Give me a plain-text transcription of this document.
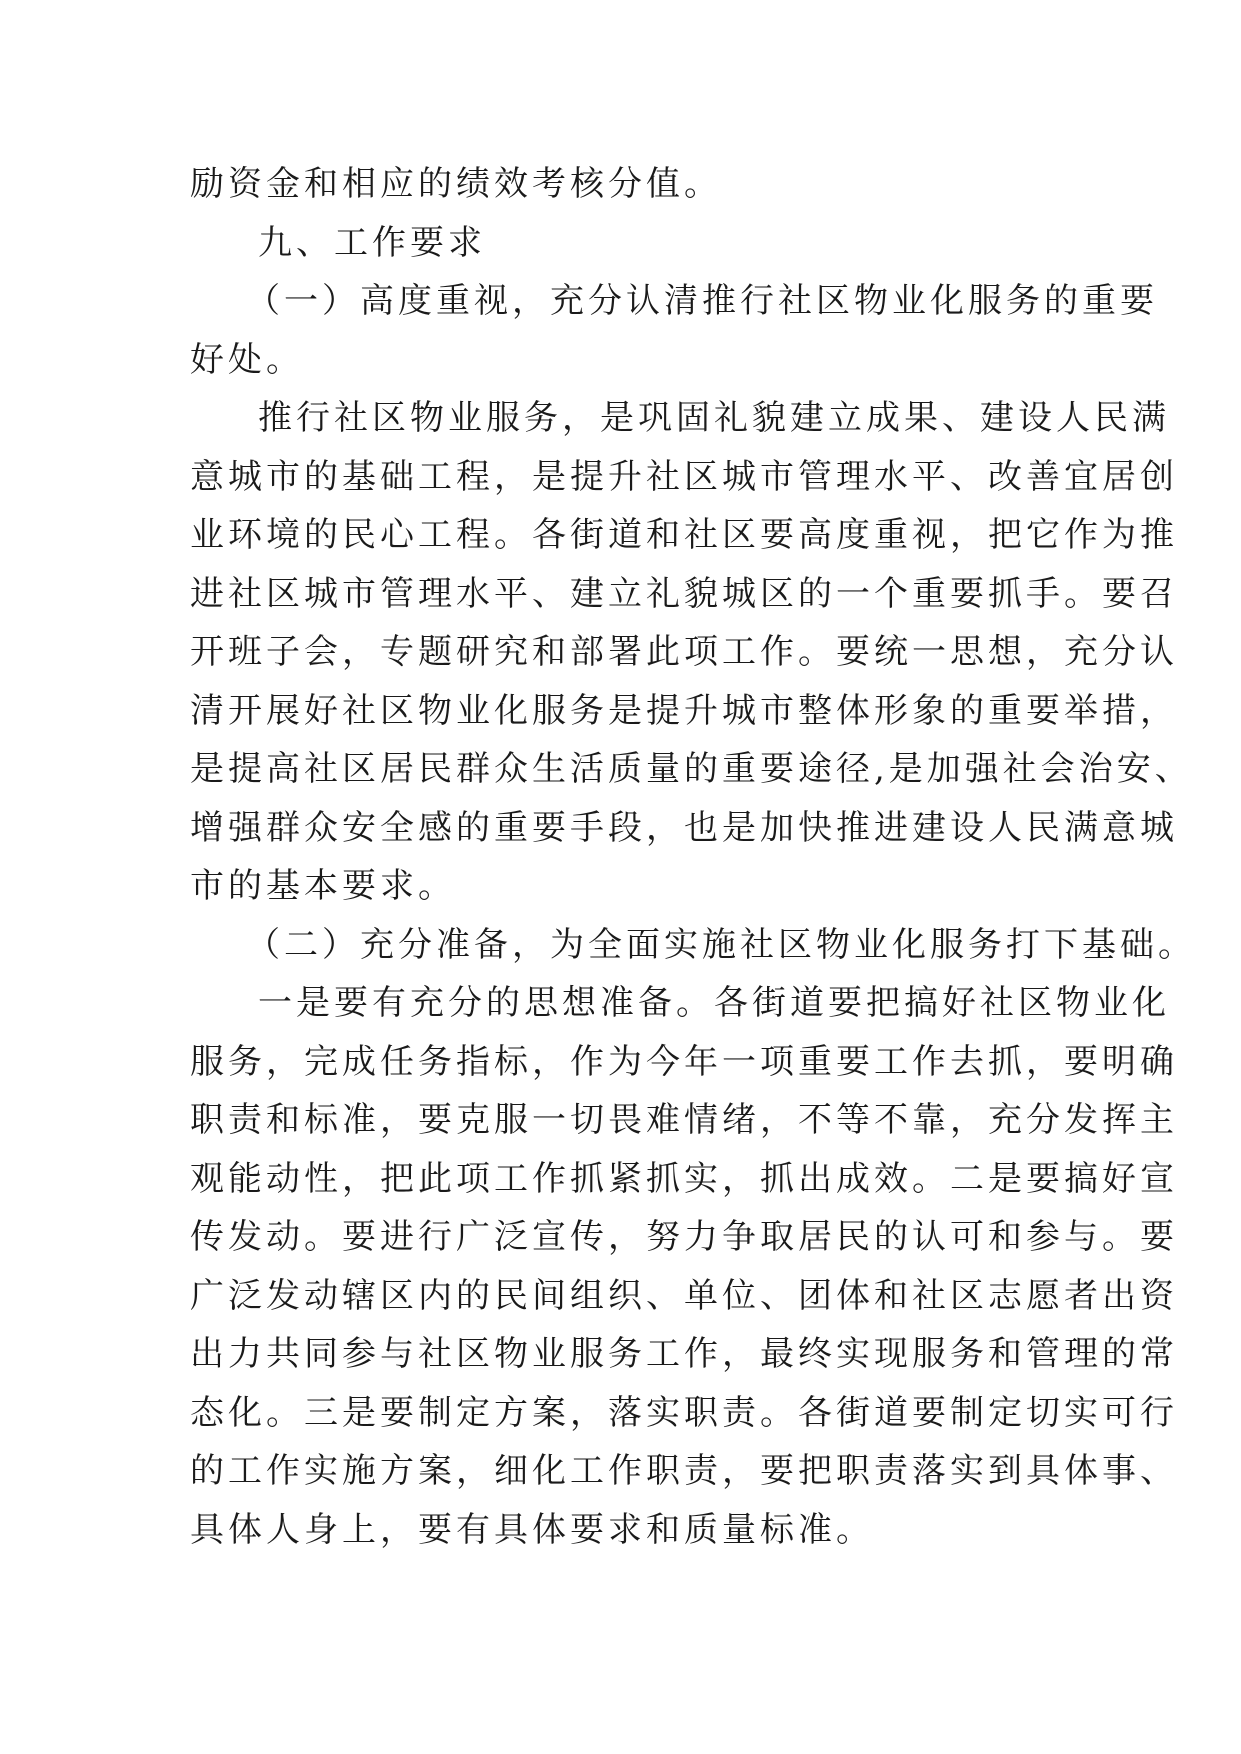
励资金和相应的绩效考核分值。
九、工作要求
（一）高度重视，充分认清推行社区物业化服务的重要
好处。
推行社区物业服务，是巩固礼貌建立成果、建设人民满
意城市的基础工程，是提升社区城市管理水平、改善宜居创
业环境的民心工程。各街道和社区要高度重视，把它作为推
进社区城市管理水平、建立礼貌城区的一个重要抓手。要召
开班子会，专题研究和部署此项工作。要统一思想，充分认
清开展好社区物业化服务是提升城市整体形象的重要举措，
是提高社区居民群众生活质量的重要途径,是加强社会治安、
增强群众安全感的重要手段，也是加快推进建设人民满意城
市的基本要求。
（二）充分准备，为全面实施社区物业化服务打下基础。
一是要有充分的思想准备。各街道要把搞好社区物业化
服务，完成任务指标，作为今年一项重要工作去抓，要明确
职责和标准，要克服一切畏难情绪，不等不靠，充分发挥主
观能动性，把此项工作抓紧抓实，抓出成效。二是要搞好宣
传发动。要进行广泛宣传，努力争取居民的认可和参与。要
广泛发动辖区内的民间组织、单位、团体和社区志愿者出资
出力共同参与社区物业服务工作，最终实现服务和管理的常
态化。三是要制定方案，落实职责。各街道要制定切实可行
的工作实施方案，细化工作职责，要把职责落实到具体事、
具体人身上，要有具体要求和质量标准。
